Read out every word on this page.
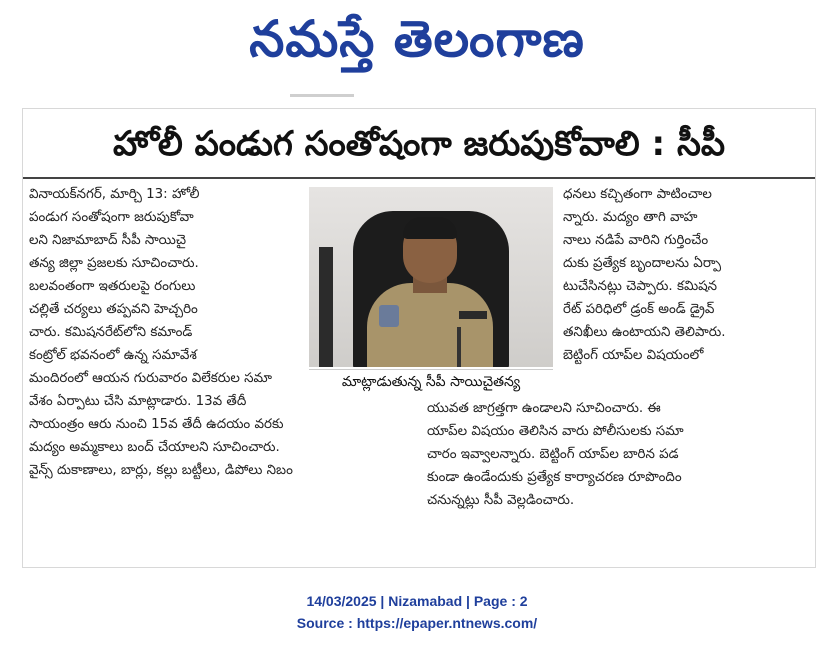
నమస్తే తెలంగాణ
హోలీ పండుగ సంతోషంగా జరుపుకోవాలి : సీపీ
వినాయక్‌నగర్, మార్చి 13: హోలీ
పండుగ సంతోషంగా జరుపుకోవా
లని నిజామాబాద్ సీపీ సాయిచై
తన్య జిల్లా ప్రజలకు సూచించారు.
బలవంతంగా ఇతరులపై రంగులు
చల్లితే చర్యలు తప్పవని హెచ్చరిం
చారు. కమిషనరేట్‌లోని కమాండ్
కంట్రోల్ భవనంలో ఉన్న సమావేశ
మందిరంలో ఆయన గురువారం విలేకరుల సమా
వేశం ఏర్పాటు చేసి మాట్లాడారు. 13వ తేదీ
సాయంత్రం ఆరు నుంచి 15వ తేదీ ఉదయం వరకు
మద్యం అమ్మకాలు బంద్ చేయాలని సూచించారు.
వైన్స్ దుకాణాలు, బార్లు, కల్లు బట్టీలు, డిపోలు నిబం
మాట్లాడుతున్న సీపీ సాయిచైతన్య
ధనలు కచ్చితంగా పాటించాల
న్నారు. మద్యం తాగి వాహ
నాలు నడిపే వారిని గుర్తించేం
దుకు ప్రత్యేక బృందాలను ఏర్పా
టుచేసినట్లు చెప్పారు. కమిషన
రేట్ పరిధిలో డ్రంక్ అండ్ డ్రైవ్
తనిఖీలు ఉంటాయని తెలిపారు.
బెట్టింగ్ యాప్‌ల విషయంలో
యువత జాగ్రత్తగా ఉండాలని సూచించారు. ఈ
యాప్‌ల విషయం తెలిసిన వారు పోలీసులకు సమా
చారం ఇవ్వాలన్నారు. బెట్టింగ్ యాప్‌ల బారిన పడ
కుండా ఉండేందుకు ప్రత్యేక కార్యాచరణ రూపొందిం
చనున్నట్లు సీపీ వెల్లడించారు.
14/03/2025 | Nizamabad | Page : 2
Source : https://epaper.ntnews.com/
